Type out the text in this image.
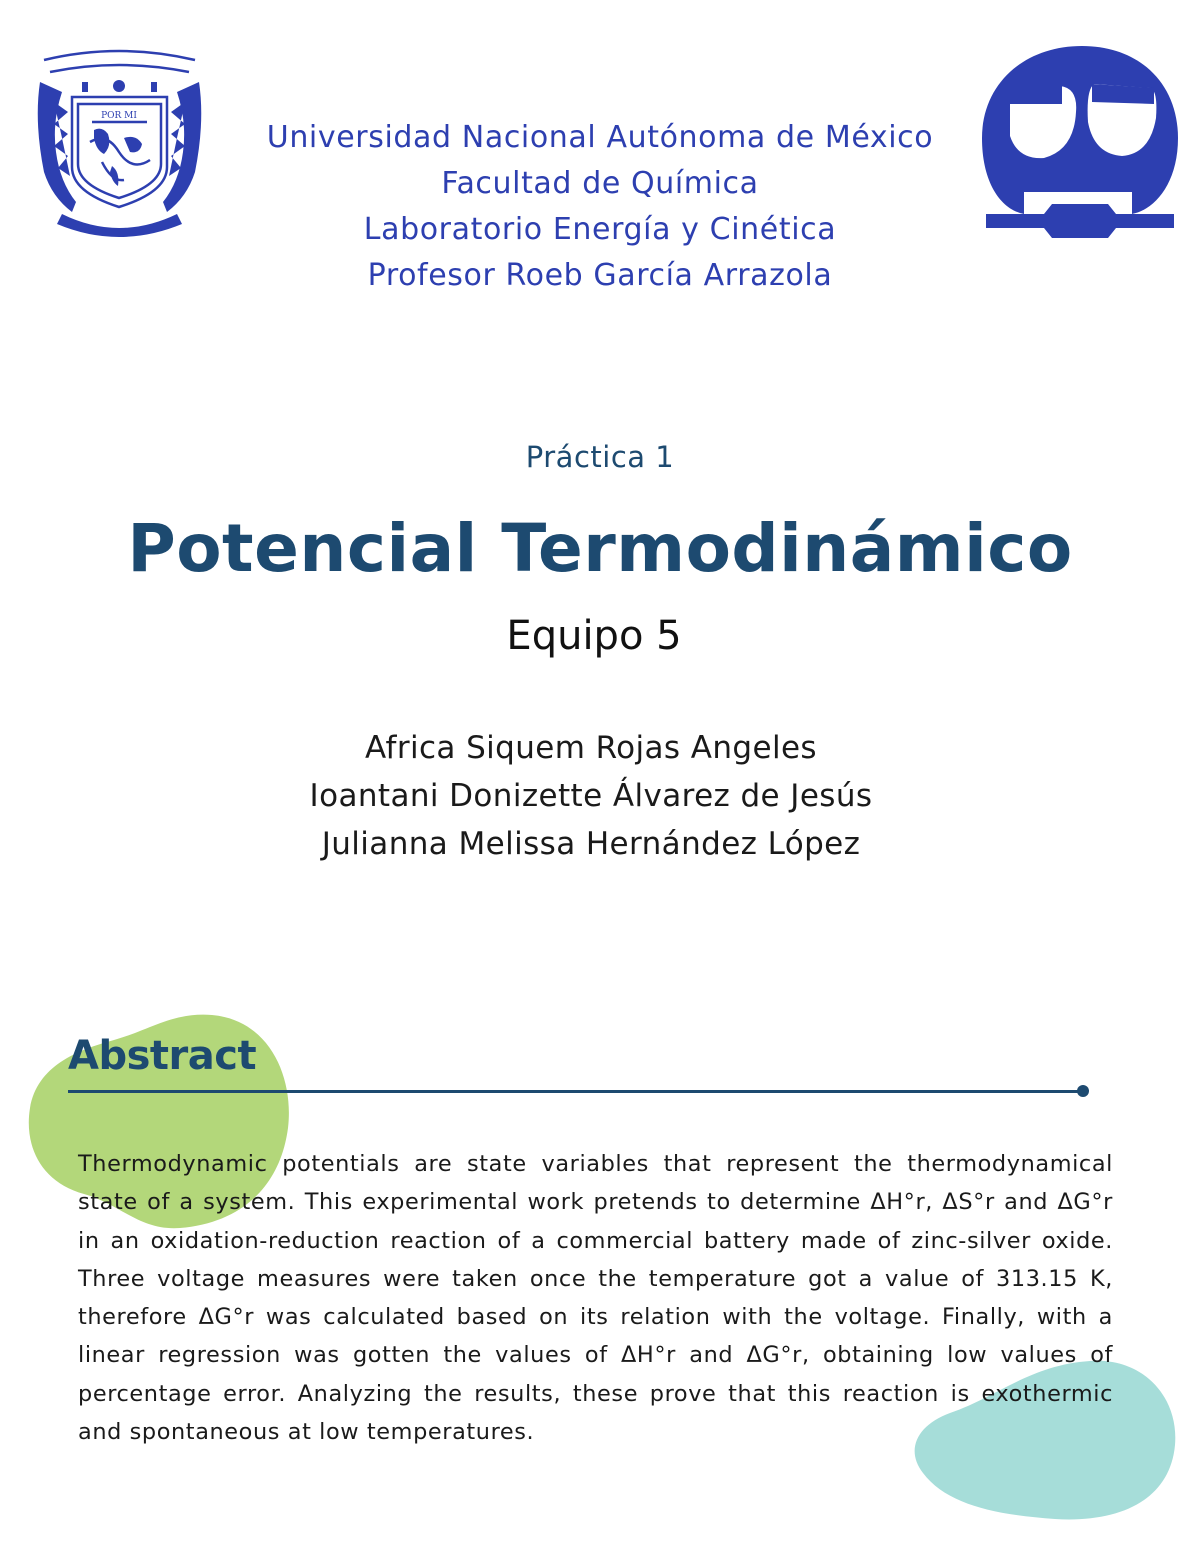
POR MI
Universidad Nacional Autónoma de México
Facultad de Química
Laboratorio Energía y Cinética
Profesor Roeb García Arrazola
Práctica 1
Potencial Termodinámico
Equipo 5
Africa Siquem Rojas Angeles
Ioantani Donizette Álvarez de Jesús
Julianna Melissa Hernández López
Abstract
Thermodynamic potentials are state variables that represent the thermodynamical state of a system. This experimental work pretends to determine ΔH°r, ΔS°r and ΔG°r in an oxidation-reduction reaction of a commercial battery made of zinc-silver oxide. Three voltage measures were taken once the temperature got a value of 313.15 K, therefore ΔG°r was calculated based on its relation with the voltage. Finally, with a linear regression was gotten the values of ΔH°r and ΔG°r, obtaining low values of percentage error. Analyzing the results, these prove that this reaction is exothermic and spontaneous at low temperatures.
